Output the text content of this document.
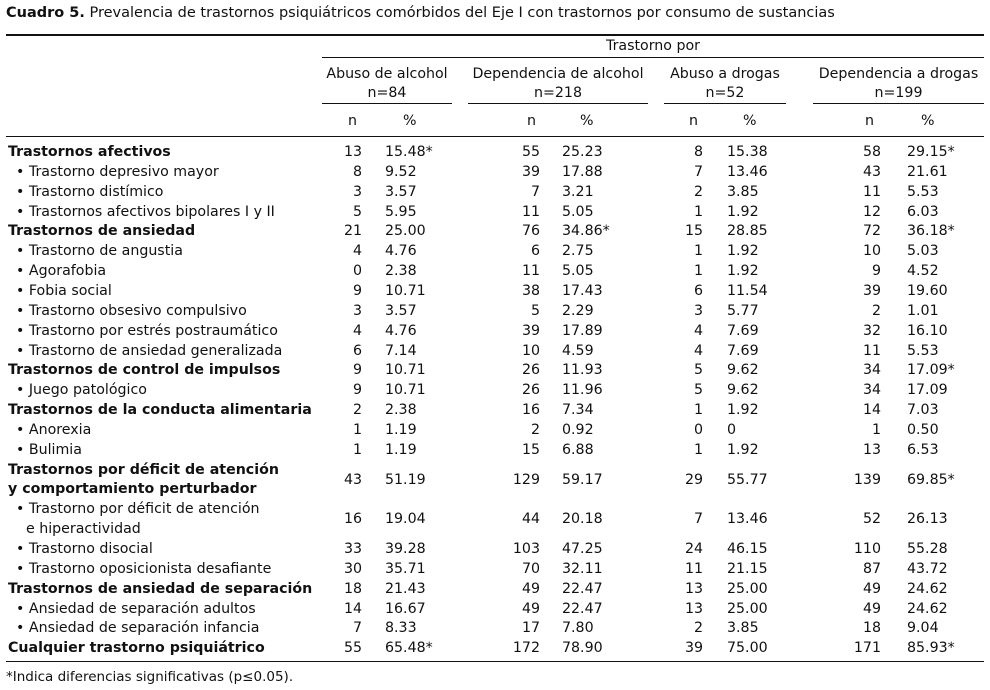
Cuadro 5. Prevalencia de trastornos psiquiátricos comórbidos del Eje I con trastornos por consumo de sustancias
Trastorno por
Abuso de alcohol
n=84
Dependencia de alcohol
n=218
Abuso a drogas
n=52
Dependencia a drogas
n=199
n	%	n	%	n	%	n	%
Trastornos afectivos	13 15.48*	55 25.23	8 15.38	58 29.15*
• Trastorno depresivo mayor	8 9.52	39 17.88	7 13.46	43 21.61
• Trastorno distímico	3 3.57	7 3.21	2 3.85	11 5.53
• Trastornos afectivos bipolares I y II	5 5.95	11 5.05	1 1.92	12 6.03
Trastornos de ansiedad	21 25.00	76 34.86*	15 28.85	72 36.18*
• Trastorno de angustia	4 4.76	6 2.75	1 1.92	10 5.03
• Agorafobia	0 2.38	11 5.05	1 1.92	9 4.52
• Fobia social	9 10.71	38 17.43	6 11.54	39 19.60
• Trastorno obsesivo compulsivo	3 3.57	5 2.29	3 5.77	2 1.01
• Trastorno por estrés postraumático	4 4.76	39 17.89	4 7.69	32 16.10
• Trastorno de ansiedad generalizada	6 7.14	10 4.59	4 7.69	11 5.53
Trastornos de control de impulsos	9 10.71	26 11.93	5 9.62	34 17.09*
• Juego patológico	9 10.71	26 11.96	5 9.62	34 17.09
Trastornos de la conducta alimentaria	2 2.38	16 7.34	1 1.92	14 7.03
• Anorexia	1 1.19	2 0.92	0 0	1 0.50
• Bulimia	1 1.19	15 6.88	1 1.92	13 6.53
Trastornos por déficit de atención
y comportamiento perturbador
43 51.19	129 59.17	29 55.77	139 69.85*
• Trastorno por déficit de atención
e hiperactividad
16 19.04	44 20.18	7 13.46	52 26.13
• Trastorno disocial	33 39.28	103 47.25	24 46.15	110 55.28
• Trastorno oposicionista desafiante	30 35.71	70 32.11	11 21.15	87 43.72
Trastornos de ansiedad de separación	18 21.43	49 22.47	13 25.00	49 24.62
• Ansiedad de separación adultos	14 16.67	49 22.47	13 25.00	49 24.62
• Ansiedad de separación infancia	7 8.33	17 7.80	2 3.85	18 9.04
Cualquier trastorno psiquiátrico	55 65.48*	172 78.90	39 75.00	171 85.93*
*Indica diferencias significativas (p≤0.05).
